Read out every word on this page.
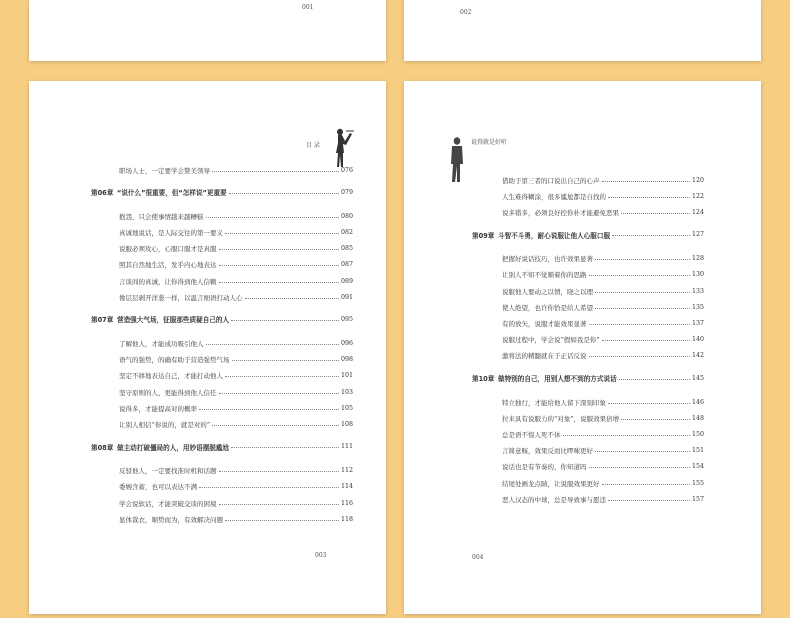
001
002
目 录
职场人士，一定要学会赞美领导	076
第06章 “说什么”很重要，但“怎样说”更重要	079
抱怨，只会使事情越来越糟糕	080
真诚地说话，是人际交往的第一要义	082
说服必须攻心，心服口服才是真服	085
照其自然地生活，发乎内心地表达	087
言谈间的真诚，让你得到他人信赖	089
像层层剥开洋葱一样，以温言细语打动人心	091
第07章 营造强大气场，征服那些质疑自己的人	095
了解他人，才能成功吸引他人	096
语气的强势，的确有助于营造强势气场	098
坚定不移地表达自己，才能打动他人	101
坚守原则的人，更能得到他人信任	103
说得多，才能提高对的概率	105
让别人相信“你说的，就是对的”	108
第08章 做主动打破僵局的人，用妙语摆脱尴尬	111
反驳他人，一定要找准时机和话题	112
委婉含蓄，也可以表达不满	114
学会说软话，才能突破交谈的困境	116
显体裁衣，顺势而为，有效解决问题	118
003
说得就是好听
借助于第三者的口说出自己的心声	120
人生难得糊涂，很多尴尬都是自找的	122
说多错多，必须良好控你朴才能避免恶果	124
第09章 斗智不斗勇，耐心说服让他人心服口服	127
把握好说话技巧，也许效果显著	128
让别人不知不觉顺着你的思路	130
说服他人要动之以情，晓之以理	133
使人绝望，也许你恰是给人希望	135
有的放矢，说服才能效果显著	137
说服过程中，学会说“假如我是你”	140
激将法的精髓就在于正话反说	142
第10章 做特别的自己，用别人想不到的方式说话	145
特立独行，才能给他人留下深刻印象	146
拉来具有说服力的“对象”，说服效果倍增	148
总是语不惊人死不休	150
言简意赅，效果反而比啰嗦更好	151
说话也是有节奏的，你知道吗	154
结尾处画龙点睛，让说服效果更好	155
恶人汉态的中球，总是导致事与愿违	157
004
